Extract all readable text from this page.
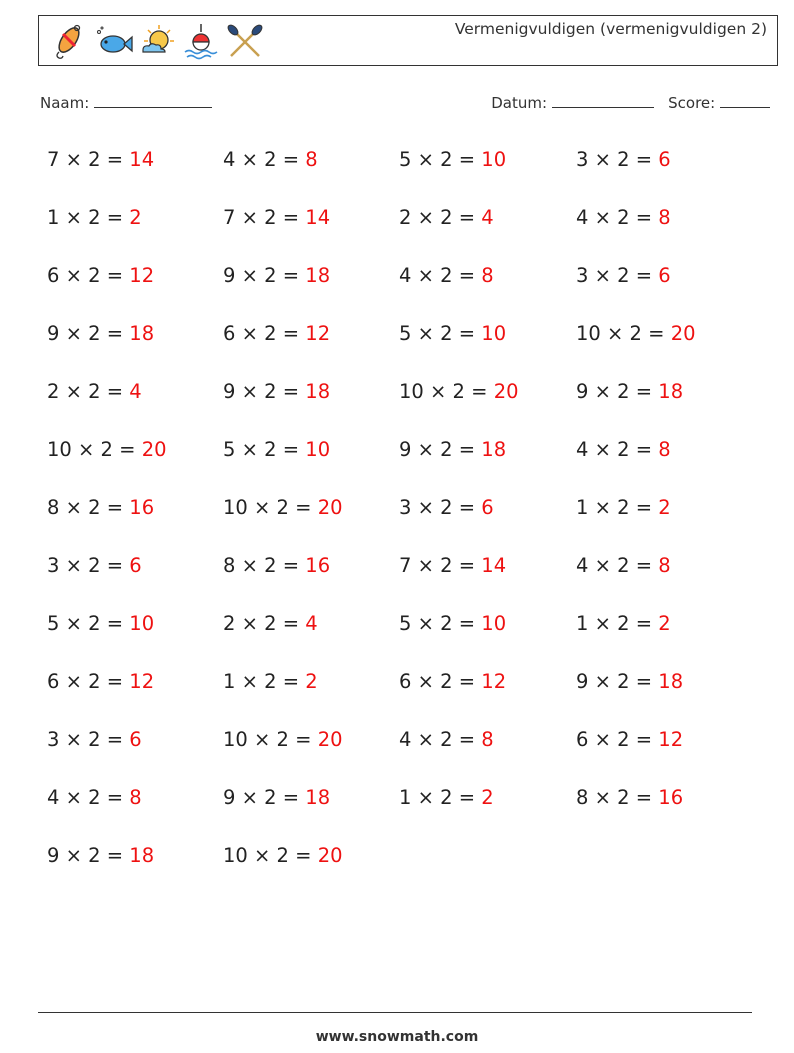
Vermenigvuldigen (vermenigvuldigen 2)
Naam:	Datum:	Score:
7 × 2 = 14	4 × 2 = 8	5 × 2 = 10	3 × 2 = 6
1 × 2 = 2	7 × 2 = 14	2 × 2 = 4	4 × 2 = 8
6 × 2 = 12	9 × 2 = 18	4 × 2 = 8	3 × 2 = 6
9 × 2 = 18	6 × 2 = 12	5 × 2 = 10	10 × 2 = 20
2 × 2 = 4	9 × 2 = 18	10 × 2 = 20	9 × 2 = 18
10 × 2 = 20	5 × 2 = 10	9 × 2 = 18	4 × 2 = 8
8 × 2 = 16	10 × 2 = 20	3 × 2 = 6	1 × 2 = 2
3 × 2 = 6	8 × 2 = 16	7 × 2 = 14	4 × 2 = 8
5 × 2 = 10	2 × 2 = 4	5 × 2 = 10	1 × 2 = 2
6 × 2 = 12	1 × 2 = 2	6 × 2 = 12	9 × 2 = 18
3 × 2 = 6	10 × 2 = 20	4 × 2 = 8	6 × 2 = 12
4 × 2 = 8	9 × 2 = 18	1 × 2 = 2	8 × 2 = 16
9 × 2 = 18	10 × 2 = 20
www.snowmath.com
